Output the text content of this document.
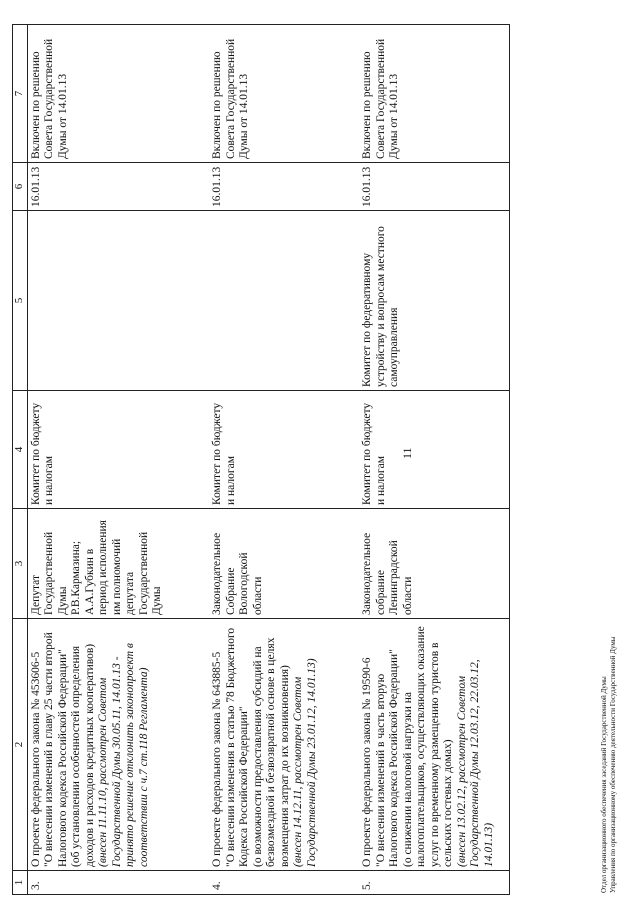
11
1	2	3	4	5	6	7
3.	О проекте федерального закона № 453606-5 "О внесении изменений в главу 25 части второй Налогового кодекса Российской Федерации" (об установлении особенностей определения доходов и расходов кредитных кооперативов) (внесен 11.11.10, рассмотрен Советом Государственной Думы 30.05.11, 14.01.13 - принято решение отклонить законопроект в соответствии с ч.7 ст.118 Регламента)	Депутат Государственной Думы Р.В.Кармазина; А.А.Губкин в период исполнения им полномочий депутата Государственной Думы	Комитет по бюджету и налогам		16.01.13	Включен по решению Совета Государственной Думы от 14.01.13
4.	О проекте федерального закона № 643885-5 "О внесении изменения в статью 78 Бюджетного Кодекса Российской Федерации" (о возможности предоставления субсидий на безвозмездной и безвозвратной основе в целях возмещения затрат до их возникновения) (внесен 14.12.11, рассмотрен Советом Государственной Думы 23.01.12, 14.01.13)	Законодательное Собрание Вологодской области	Комитет по бюджету и налогам		16.01.13	Включен по решению Совета Государственной Думы от 14.01.13
5.	О проекте федерального закона № 19590-6 "О внесении изменений в часть вторую Налогового кодекса Российской Федерации" (о снижении налоговой нагрузки на налогоплательщиков, осуществляющих оказание услуг по временному размещению туристов в сельских гостевых домах) (внесен 13.02.12, рассмотрен Советом Государственной Думы 12.03.12, 22.03.12, 14.01.13)	Законодательное собрание Ленинградской области	Комитет по бюджету и налогам	Комитет по федеративному устройству и вопросам местного самоуправления	16.01.13	Включен по решению Совета Государственной Думы от 14.01.13
Отдел организационного обеспечения заседаний Государственной Думы Управления по организационному обеспечению деятельности Государственной Думы
